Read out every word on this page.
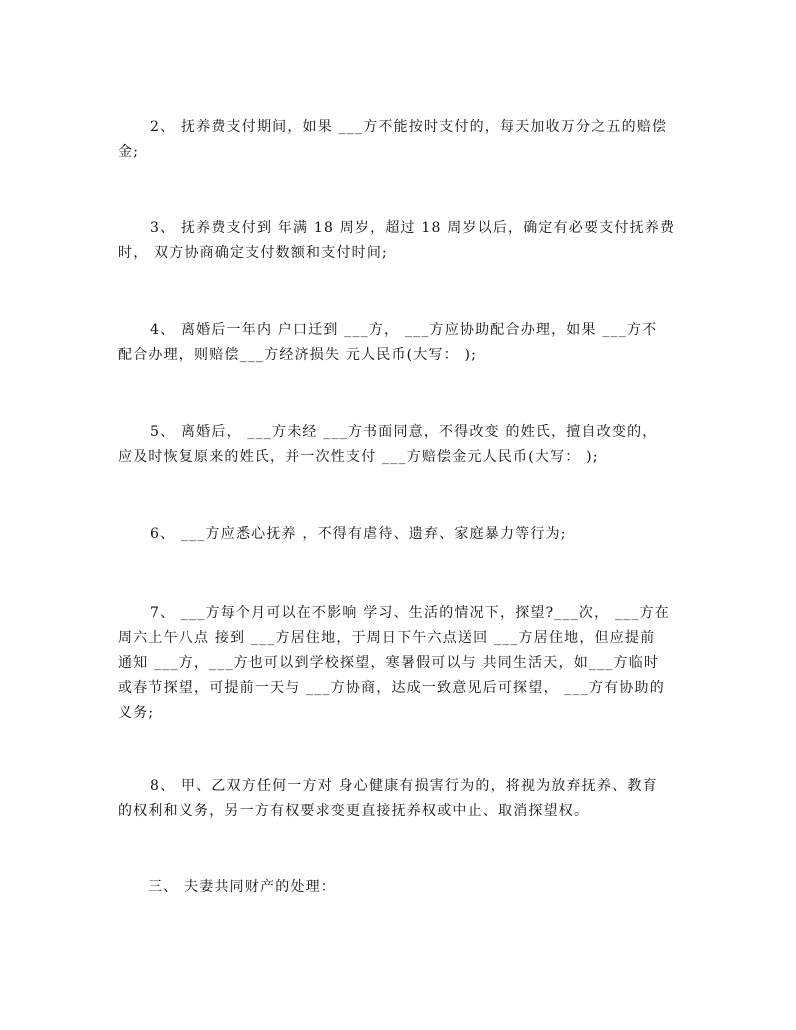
2、 抚养费支付期间，如果 ___方不能按时支付的，每天加收万分之五的赔偿
金;
3、 抚养费支付到 年满 18 周岁，超过 18 周岁以后，确定有必要支付抚养费
时， 双方协商确定支付数额和支付时间;
4、 离婚后一年内 户口迁到 ___方， ___方应协助配合办理，如果 ___方不
配合办理，则赔偿___方经济损失 元人民币(大写： );
5、 离婚后， ___方未经 ___方书面同意，不得改变 的姓氏，擅自改变的，
应及时恢复原来的姓氏，并一次性支付 ___方赔偿金元人民币(大写： );
6、 ___方应悉心抚养 ，不得有虐待、遗弃、家庭暴力等行为;
7、 ___方每个月可以在不影响 学习、生活的情况下，探望?___次， ___方在
周六上午八点 接到 ___方居住地，于周日下午六点送回 ___方居住地，但应提前
通知 ___方，___方也可以到学校探望，寒暑假可以与 共同生活天，如___方临时
或春节探望，可提前一天与 ___方协商，达成一致意见后可探望， ___方有协助的
义务;
8、 甲、乙双方任何一方对 身心健康有损害行为的，将视为放弃抚养、教育
的权利和义务，另一方有权要求变更直接抚养权或中止、取消探望权。
三、 夫妻共同财产的处理：
